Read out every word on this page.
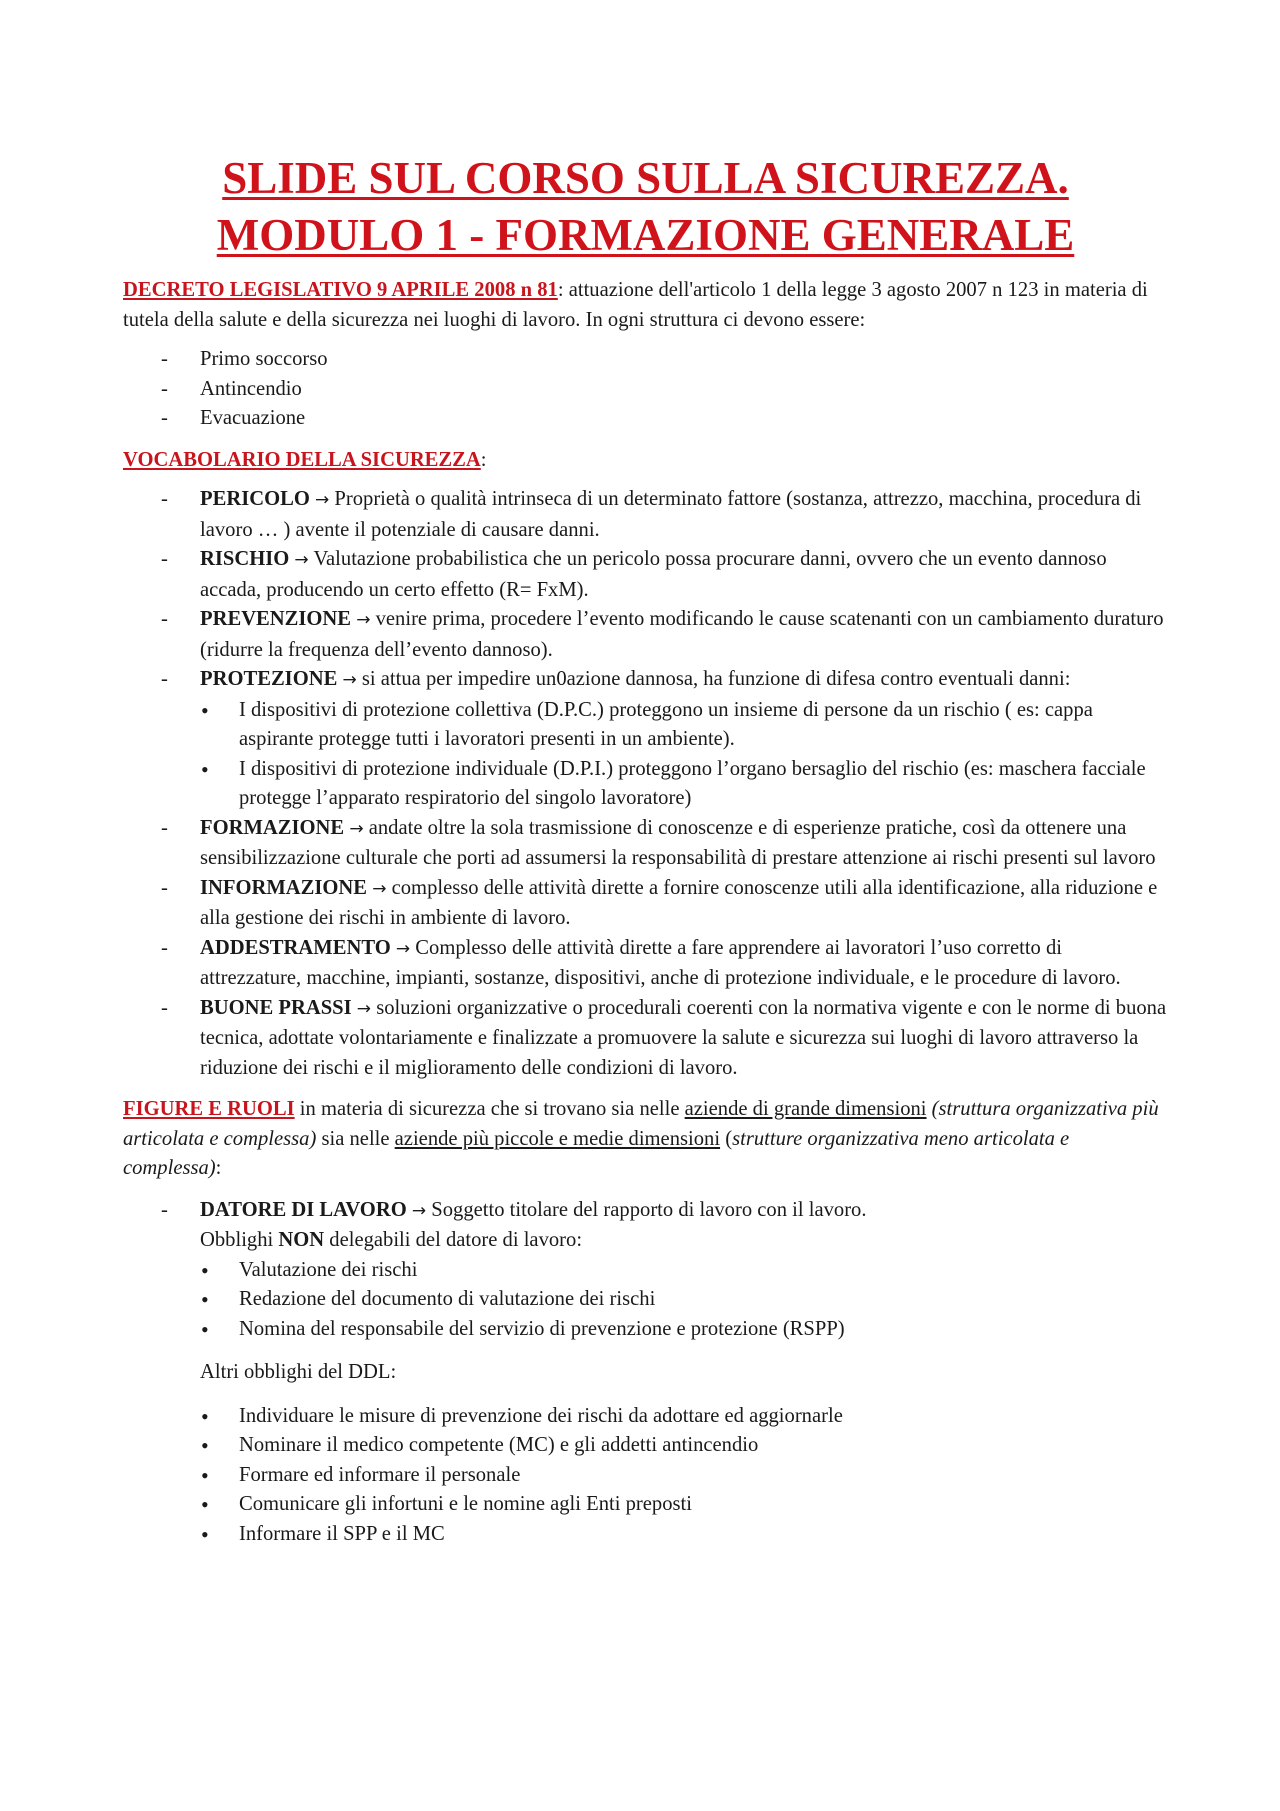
SLIDE SUL CORSO SULLA SICUREZZA.
MODULO 1 - FORMAZIONE GENERALE

DECRETO LEGISLATIVO 9 APRILE 2008 n 81: attuazione dell'articolo 1 della legge 3 agosto 2007 n 123 in materia di tutela della salute e della sicurezza nei luoghi di lavoro. In ogni struttura ci devono essere:

- Primo soccorso
- Antincendio
- Evacuazione

VOCABOLARIO DELLA SICUREZZA:

- PERICOLO → Proprietà o qualità intrinseca di un determinato fattore (sostanza, attrezzo, macchina, procedura di lavoro … ) avente il potenziale di causare danni.
- RISCHIO → Valutazione probabilistica che un pericolo possa procurare danni, ovvero che un evento dannoso accada, producendo un certo effetto (R= FxM).
- PREVENZIONE → venire prima, procedere l’evento modificando le cause scatenanti con un cambiamento duraturo (ridurre la frequenza dell’evento dannoso).
- PROTEZIONE → si attua per impedire un0azione dannosa, ha funzione di difesa contro eventuali danni:
• I dispositivi di protezione collettiva (D.P.C.) proteggono un insieme di persone da un rischio ( es: cappa aspirante protegge tutti i lavoratori presenti in un ambiente).
• I dispositivi di protezione individuale (D.P.I.) proteggono l’organo bersaglio del rischio (es: maschera facciale protegge l’apparato respiratorio del singolo lavoratore)
- FORMAZIONE → andate oltre la sola trasmissione di conoscenze e di esperienze pratiche, così da ottenere una sensibilizzazione culturale che porti ad assumersi la responsabilità di prestare attenzione ai rischi presenti sul lavoro
- INFORMAZIONE → complesso delle attività dirette a fornire conoscenze utili alla identificazione, alla riduzione e alla gestione dei rischi in ambiente di lavoro.
- ADDESTRAMENTO → Complesso delle attività dirette a fare apprendere ai lavoratori l’uso corretto di attrezzature, macchine, impianti, sostanze, dispositivi, anche di protezione individuale, e le procedure di lavoro.
- BUONE PRASSI → soluzioni organizzative o procedurali coerenti con la normativa vigente e con le norme di buona tecnica, adottate volontariamente e finalizzate a promuovere la salute e sicurezza sui luoghi di lavoro attraverso la riduzione dei rischi e il miglioramento delle condizioni di lavoro.

FIGURE E RUOLI in materia di sicurezza che si trovano sia nelle aziende di grande dimensioni (struttura organizzativa più articolata e complessa) sia nelle aziende più piccole e medie dimensioni (strutture organizzativa meno articolata e complessa):

- DATORE DI LAVORO → Soggetto titolare del rapporto di lavoro con il lavoro.
Obblighi NON delegabili del datore di lavoro:
• Valutazione dei rischi
• Redazione del documento di valutazione dei rischi
• Nomina del responsabile del servizio di prevenzione e protezione (RSPP)

Altri obblighi del DDL:

• Individuare le misure di prevenzione dei rischi da adottare ed aggiornarle
• Nominare il medico competente (MC) e gli addetti antincendio
• Formare ed informare il personale
• Comunicare gli infortuni e le nomine agli Enti preposti
• Informare il SPP e il MC
